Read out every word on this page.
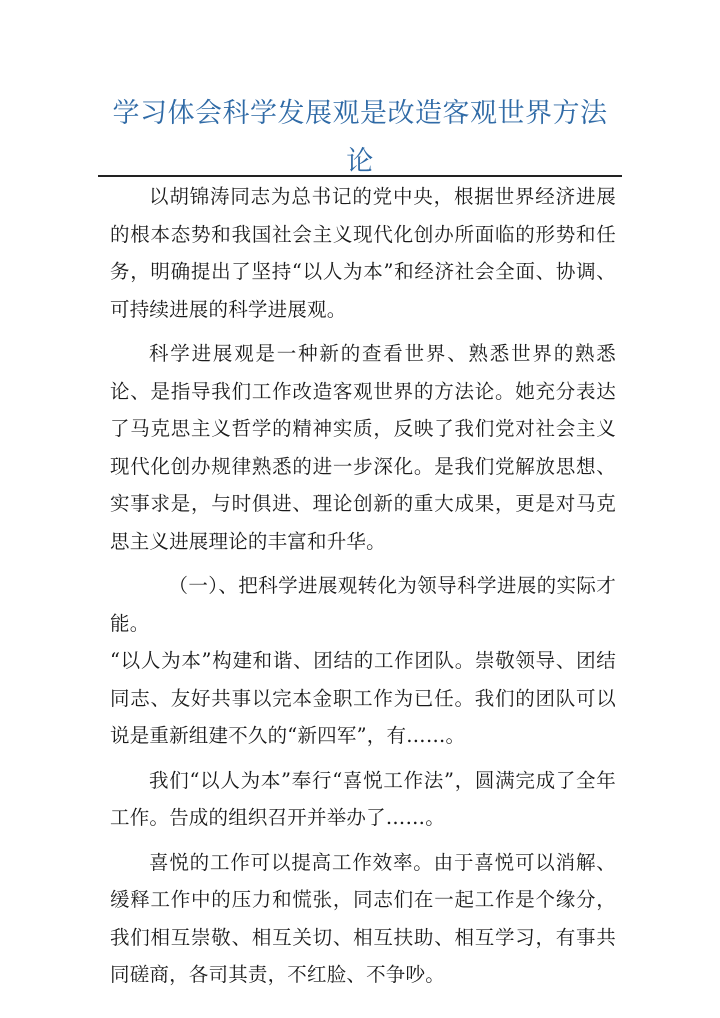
学习体会科学发展观是改造客观世界方法论

以胡锦涛同志为总书记的党中央，根据世界经济进展的根本态势和我国社会主义现代化创办所面临的形势和任务，明确提出了坚持“以人为本”和经济社会全面、协调、可持续进展的科学进展观。

科学进展观是一种新的查看世界、熟悉世界的熟悉论、是指导我们工作改造客观世界的方法论。她充分表达了马克思主义哲学的精神实质，反映了我们党对社会主义现代化创办规律熟悉的进一步深化。是我们党解放思想、实事求是，与时俱进、理论创新的重大成果，更是对马克思主义进展理论的丰富和升华。

（一）、把科学进展观转化为领导科学进展的实际才能。

“以人为本”构建和谐、团结的工作团队。崇敬领导、团结同志、友好共事以完本金职工作为已任。我们的团队可以说是重新组建不久的“新四军”，有……。

我们“以人为本”奉行“喜悦工作法”，圆满完成了全年工作。告成的组织召开并举办了……。

喜悦的工作可以提高工作效率。由于喜悦可以消解、缓释工作中的压力和慌张，同志们在一起工作是个缘分，我们相互崇敬、相互关切、相互扶助、相互学习，有事共同磋商，各司其责，不红脸、不争吵。
